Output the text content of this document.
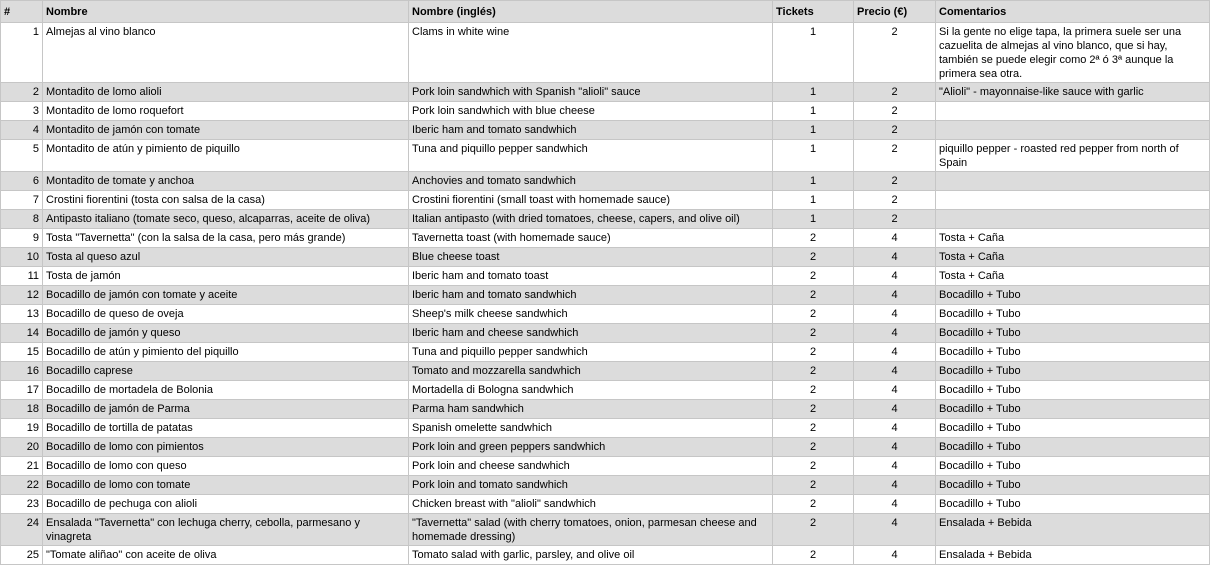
#	Nombre	Nombre (inglés)	Tickets	Precio (€)	Comentarios
1	Almejas al vino blanco	Clams in white wine	1	2	Si la gente no elige tapa, la primera suele ser una cazuelita de almejas al vino blanco, que si hay, también se puede elegir como 2ª ó 3ª aunque la primera sea otra.
2	Montadito de lomo alioli	Pork loin sandwhich with Spanish "alioli" sauce	1	2	"Alioli" - mayonnaise-like sauce with garlic
3	Montadito de lomo roquefort	Pork loin sandwhich with blue cheese	1	2	
4	Montadito de jamón con tomate	Iberic ham and tomato sandwhich	1	2	
5	Montadito de atún y pimiento de piquillo	Tuna and piquillo pepper sandwhich	1	2	piquillo pepper - roasted red pepper from north of Spain
6	Montadito de tomate y anchoa	Anchovies and tomato sandwhich	1	2	
7	Crostini fiorentini (tosta con salsa de la casa)	Crostini fiorentini (small toast with homemade sauce)	1	2	
8	Antipasto italiano (tomate seco, queso, alcaparras, aceite de oliva)	Italian antipasto (with dried tomatoes, cheese, capers, and olive oil)	1	2	
9	Tosta "Tavernetta" (con la salsa de la casa, pero más grande)	Tavernetta toast (with homemade sauce)	2	4	Tosta + Caña
10	Tosta al queso azul	Blue cheese toast	2	4	Tosta + Caña
11	Tosta de jamón	Iberic ham and tomato toast	2	4	Tosta + Caña
12	Bocadillo de jamón con tomate y aceite	Iberic ham and tomato sandwhich	2	4	Bocadillo + Tubo
13	Bocadillo de queso de oveja	Sheep's milk cheese sandwhich	2	4	Bocadillo + Tubo
14	Bocadillo de jamón y queso	Iberic ham and cheese sandwhich	2	4	Bocadillo + Tubo
15	Bocadillo de atún y pimiento del piquillo	Tuna and piquillo pepper sandwhich	2	4	Bocadillo + Tubo
16	Bocadillo caprese	Tomato and mozzarella sandwhich	2	4	Bocadillo + Tubo
17	Bocadillo de mortadela de Bolonia	Mortadella di Bologna sandwhich	2	4	Bocadillo + Tubo
18	Bocadillo de jamón de Parma	Parma ham sandwhich	2	4	Bocadillo + Tubo
19	Bocadillo de tortilla de patatas	Spanish omelette sandwhich	2	4	Bocadillo + Tubo
20	Bocadillo de lomo con pimientos	Pork loin and green peppers sandwhich	2	4	Bocadillo + Tubo
21	Bocadillo de lomo con queso	Pork loin and cheese sandwhich	2	4	Bocadillo + Tubo
22	Bocadillo de lomo con tomate	Pork loin and tomato sandwhich	2	4	Bocadillo + Tubo
23	Bocadillo de pechuga con alioli	Chicken breast with "alioli" sandwhich	2	4	Bocadillo + Tubo
24	Ensalada "Tavernetta" con lechuga cherry, cebolla, parmesano y vinagreta	"Tavernetta" salad (with cherry tomatoes, onion, parmesan cheese and homemade dressing)	2	4	Ensalada + Bebida
25	"Tomate aliñao" con aceite de oliva	Tomato salad with garlic, parsley, and olive oil	2	4	Ensalada + Bebida
